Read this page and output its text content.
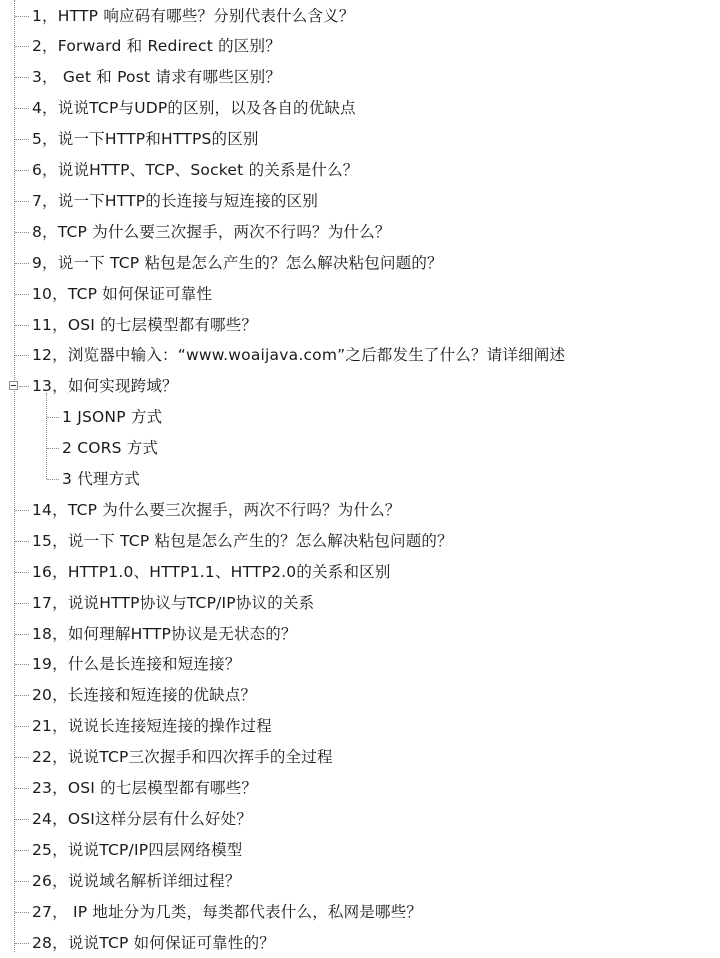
1，HTTP 响应码有哪些？分别代表什么含义？
2，Forward 和 Redirect 的区别？
3， Get 和 Post 请求有哪些区别？
4，说说TCP与UDP的区别，以及各自的优缺点
5，说一下HTTP和HTTPS的区别
6，说说HTTP、TCP、Socket 的关系是什么？
7，说一下HTTP的长连接与短连接的区别
8，TCP 为什么要三次握手，两次不行吗？为什么？
9，说一下 TCP 粘包是怎么产生的？怎么解决粘包问题的？
10，TCP 如何保证可靠性
11，OSI 的七层模型都有哪些？
12，浏览器中输入：“www.woaijava.com”之后都发生了什么？请详细阐述
13，如何实现跨域？
1 JSONP 方式
2 CORS 方式
3 代理方式
14，TCP 为什么要三次握手，两次不行吗？为什么？
15，说一下 TCP 粘包是怎么产生的？怎么解决粘包问题的？
16，HTTP1.0、HTTP1.1、HTTP2.0的关系和区别
17，说说HTTP协议与TCP/IP协议的关系
18，如何理解HTTP协议是无状态的？
19，什么是长连接和短连接？
20，长连接和短连接的优缺点？
21，说说长连接短连接的操作过程
22，说说TCP三次握手和四次挥手的全过程
23，OSI 的七层模型都有哪些？
24，OSI这样分层有什么好处？
25，说说TCP/IP四层网络模型
26，说说域名解析详细过程？
27， IP 地址分为几类，每类都代表什么，私网是哪些？
28，说说TCP 如何保证可靠性的？
